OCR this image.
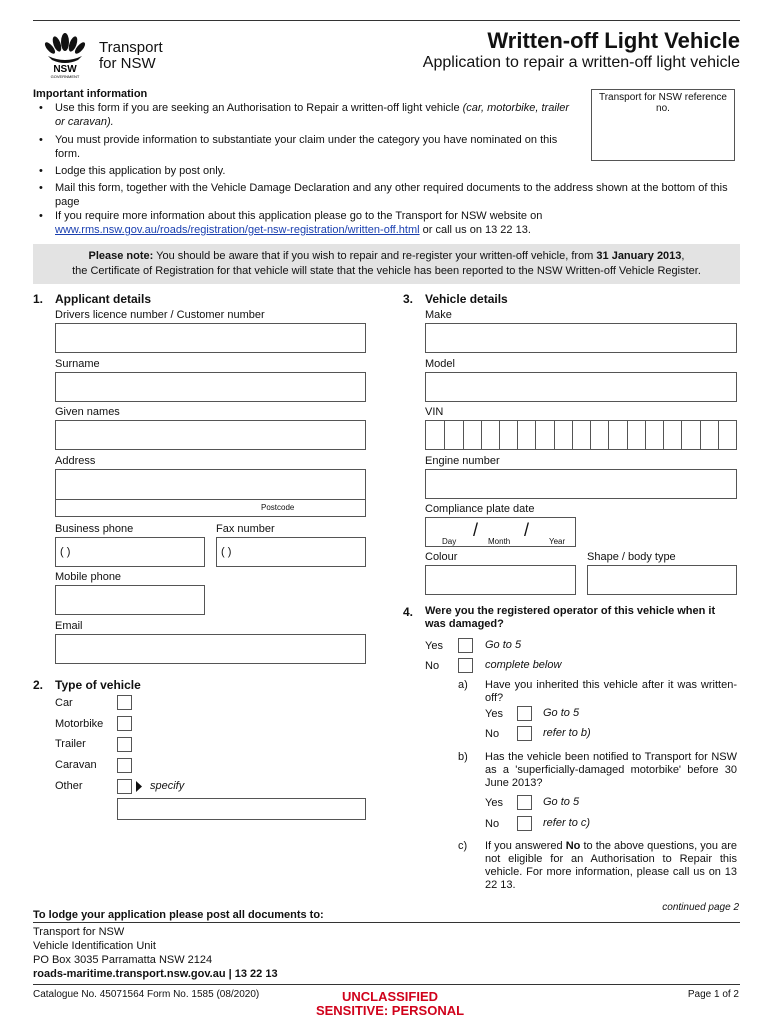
NSW
GOVERNMENT
Transport
for NSW
Written-off Light Vehicle
Application to repair a written-off light vehicle
Transport for NSW reference no.
Important information
• Use this form if you are seeking an Authorisation to Repair a written-off light vehicle (car, motorbike, trailer or caravan).
• You must provide information to substantiate your claim under the category you have nominated on this form.
• Lodge this application by post only.
• Mail this form, together with the Vehicle Damage Declaration and any other required documents to the address shown at the bottom of this page
• If you require more information about this application please go to the Transport for NSW website on www.rms.nsw.gov.au/roads/registration/get-nsw-registration/written-off.html or call us on 13 22 13.
Please note: You should be aware that if you wish to repair and re-register your written-off vehicle, from 31 January 2013,
the Certificate of Registration for that vehicle will state that the vehicle has been reported to the NSW Written-off Vehicle Register.
1. Applicant details
Drivers licence number / Customer number
Surname
Given names
Address
Postcode
Business phone
( )
Fax number
( )
Mobile phone
Email
2. Type of vehicle
Car
Motorbike
Trailer
Caravan
Other	specify
3. Vehicle details
Make
Model
VIN
Engine number
Compliance plate date
/	/
Day	Month	Year
Colour	Shape / body type
4. Were you the registered operator of this vehicle when it was damaged?
Yes	Go to 5
No	complete below
a) Have you inherited this vehicle after it was written-off?
Yes	Go to 5
No	refer to b)
b) Has the vehicle been notified to Transport for NSW as a 'superficially-damaged motorbike' before 30 June 2013?
Yes	Go to 5
No	refer to c)
c) If you answered No to the above questions, you are not eligible for an Authorisation to Repair this vehicle. For more information, please call us on 13 22 13.
continued page 2
To lodge your application please post all documents to:
Transport for NSW
Vehicle Identification Unit
PO Box 3035 Parramatta NSW 2124
roads-maritime.transport.nsw.gov.au | 13 22 13
Catalogue No. 45071564 Form No. 1585 (08/2020)	UNCLASSIFIED
SENSITIVE: PERSONAL
Page 1 of 2
